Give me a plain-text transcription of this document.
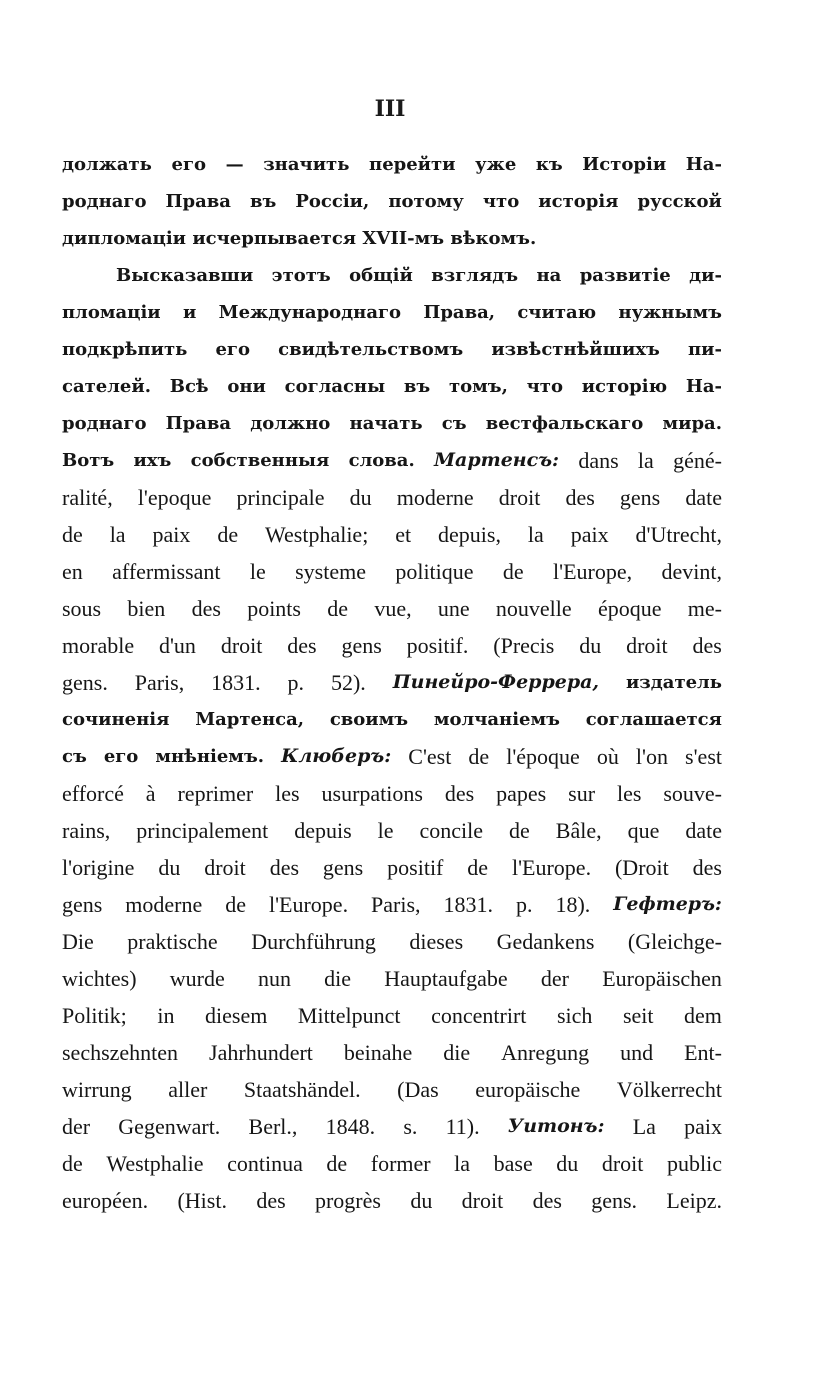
III
должать его — значить перейти уже къ Исторіи На-
роднаго Права въ Россіи, потому что исторія русской
дипломаціи исчерпывается XVII-мъ вѣкомъ.
Высказавши этотъ общій взглядъ на развитіе ди-
пломаціи и Международнаго Права, считаю нужнымъ
подкрѣпить его свидѣтельствомъ извѣстнѣйшихъ пи-
сателей. Всѣ они согласны въ томъ, что исторію На-
роднаго Права должно начать съ вестфальскаго мира.
Вотъ ихъ собственныя слова. Мартенсъ: dans la géné-
ralité, l'epoque principale du moderne droit des gens date
de la paix de Westphalie; et depuis, la paix d'Utrecht,
en affermissant le systeme politique de l'Europe, devint,
sous bien des points de vue, une nouvelle époque me-
morable d'un droit des gens positif. (Precis du droit des
gens. Paris, 1831. p. 52). Пинейро-Феррера, издатель
сочиненія Мартенса, своимъ молчаніемъ соглашается
съ его мнѣніемъ. Клюберъ: C'est de l'époque où l'on s'est
efforcé à reprimer les usurpations des papes sur les souve-
rains, principalement depuis le concile de Bâle, que date
l'origine du droit des gens positif de l'Europe. (Droit des
gens moderne de l'Europe. Paris, 1831. p. 18). Гефтеръ:
Die praktische Durchführung dieses Gedankens (Gleichge-
wichtes) wurde nun die Hauptaufgabe der Europäischen
Politik; in diesem Mittelpunct concentrirt sich seit dem
sechszehnten Jahrhundert beinahe die Anregung und Ent-
wirrung aller Staatshändel. (Das europäische Völkerrecht
der Gegenwart. Berl., 1848. s. 11). Уитонъ: La paix
de Westphalie continua de former la base du droit public
européen. (Hist. des progrès du droit des gens. Leipz.
